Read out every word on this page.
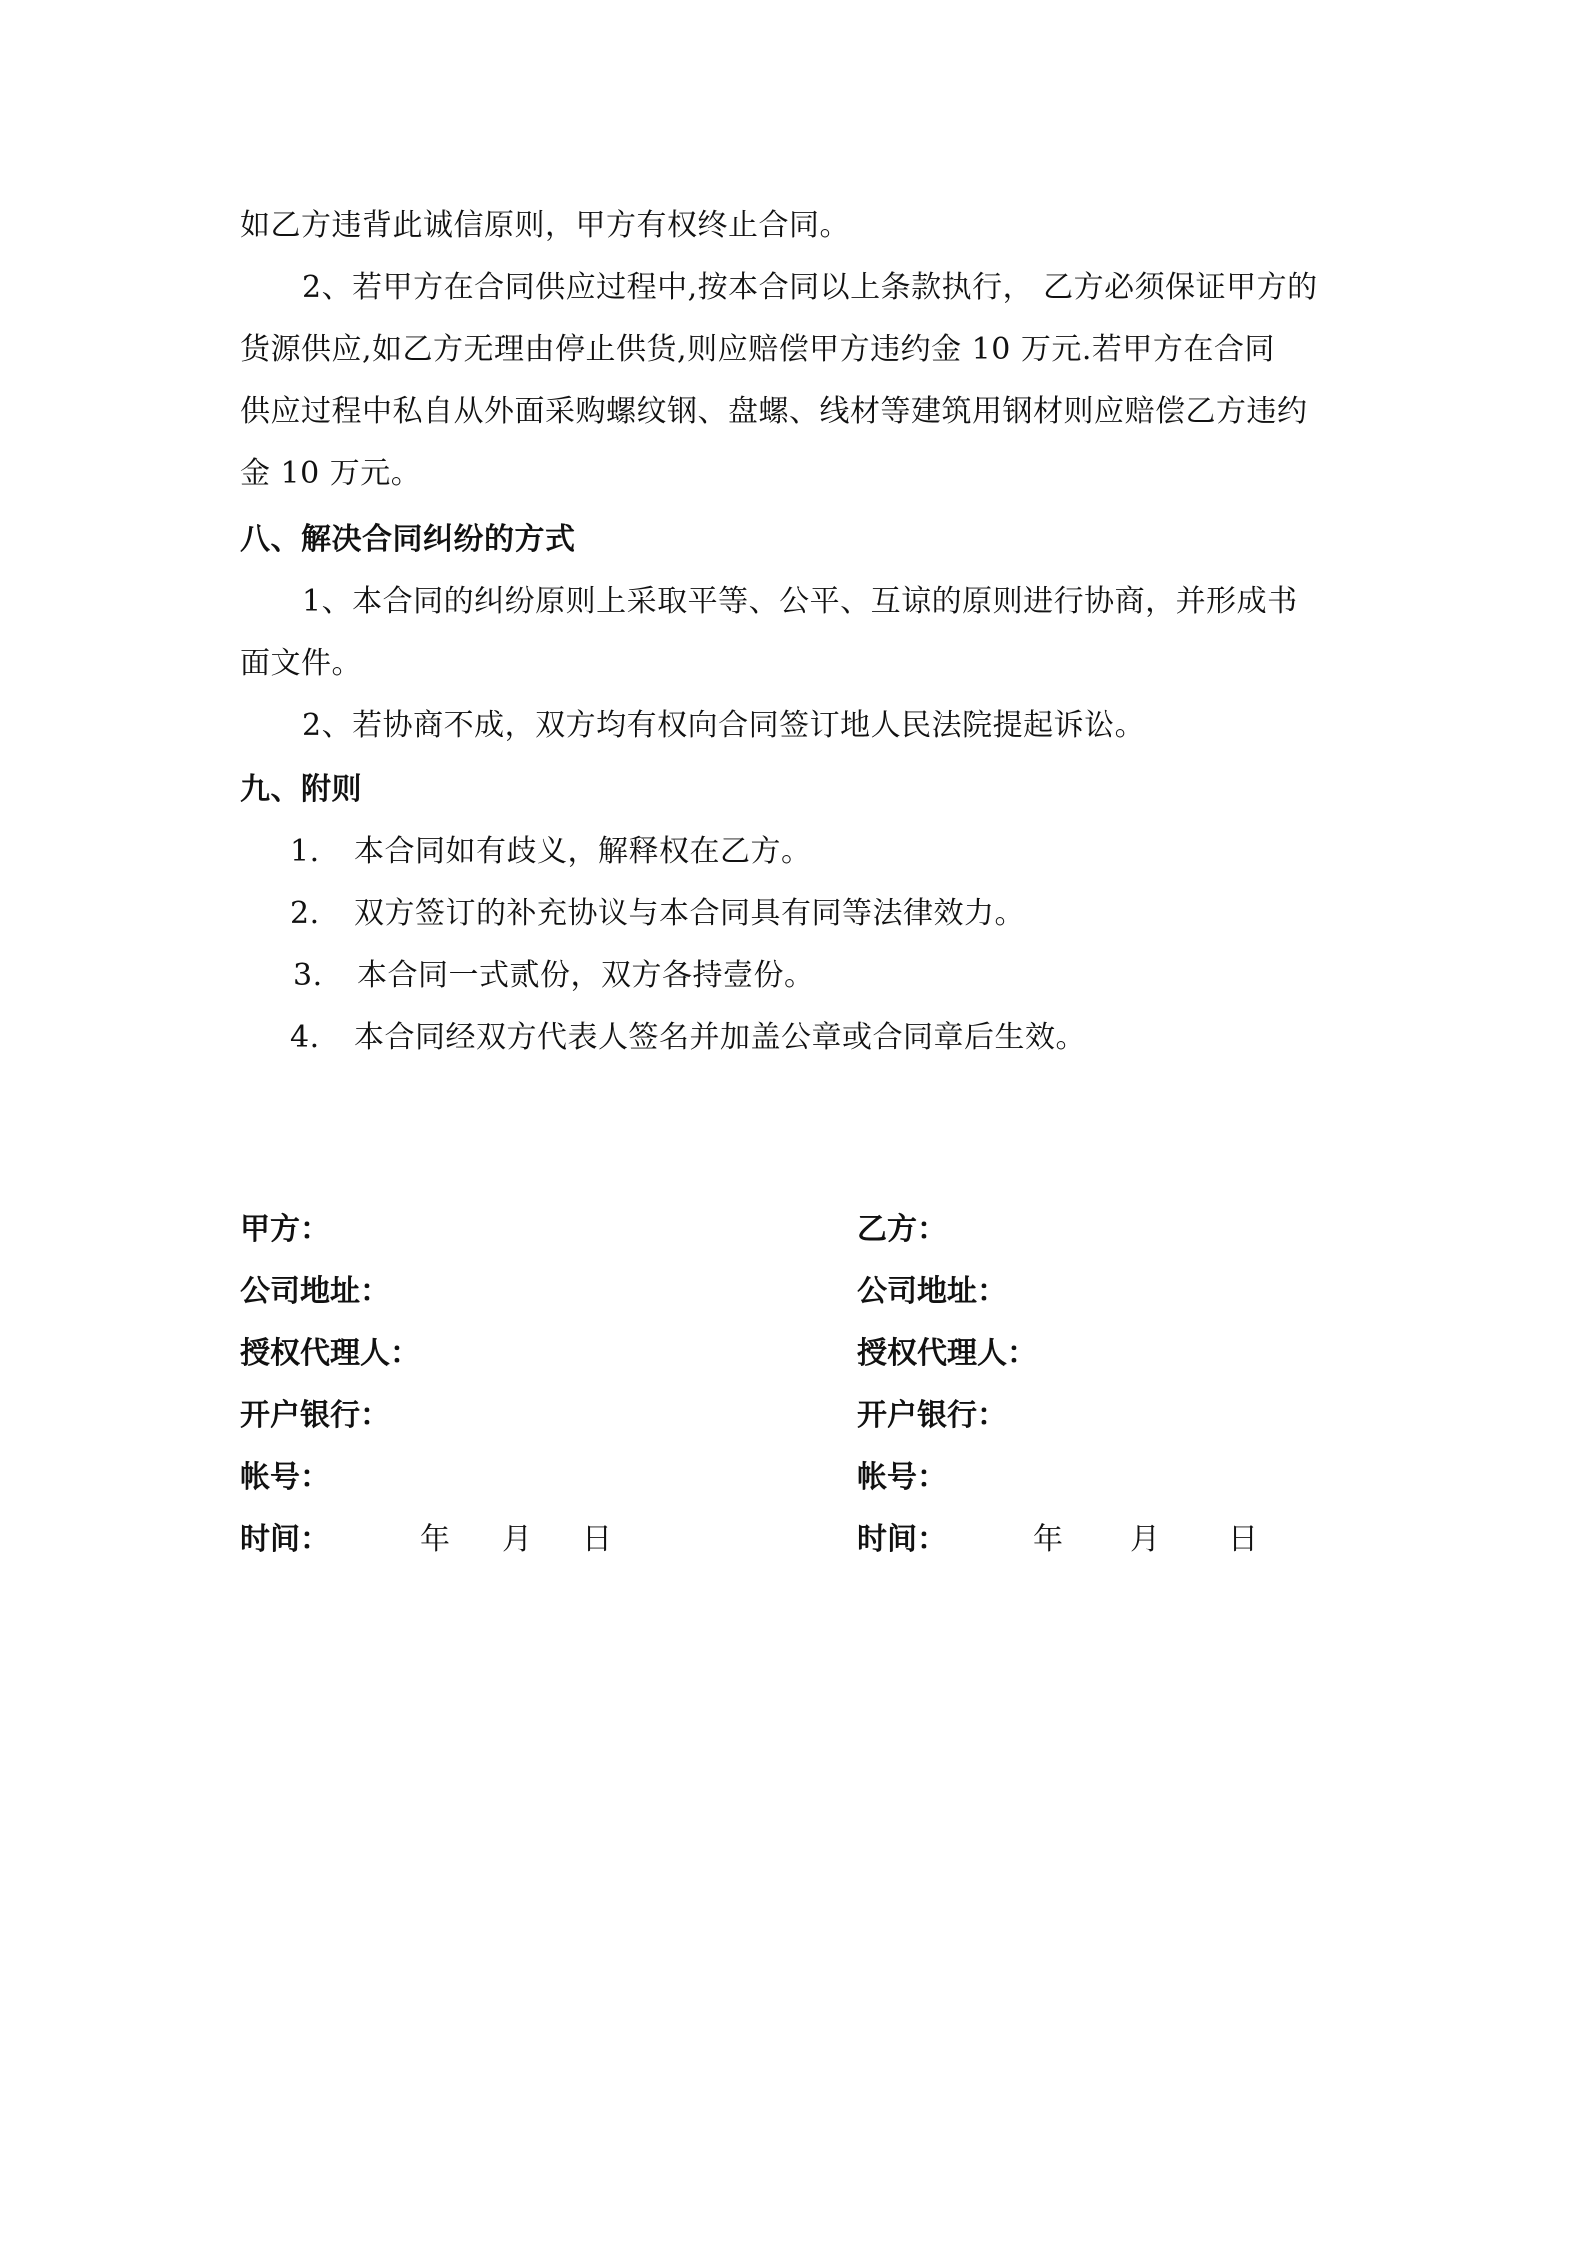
如乙方违背此诚信原则，甲方有权终止合同。
2、若甲方在合同供应过程中,按本合同以上条款执行， 乙方必须保证甲方的
货源供应,如乙方无理由停止供货,则应赔偿甲方违约金 10 万元.若甲方在合同
供应过程中私自从外面采购螺纹钢、盘螺、线材等建筑用钢材则应赔偿乙方违约
金 10 万元。
八、解决合同纠纷的方式
1、本合同的纠纷原则上采取平等、公平、互谅的原则进行协商，并形成书
面文件。
2、若协商不成，双方均有权向合同签订地人民法院提起诉讼。
九、附则
1. 本合同如有歧义，解释权在乙方。
2. 双方签订的补充协议与本合同具有同等法律效力。
3. 本合同一式贰份，双方各持壹份。
4. 本合同经双方代表人签名并加盖公章或合同章后生效。
甲方：
公司地址：
授权代理人：
开户银行：
帐号：
时间：	年 月 日
乙方：
公司地址：
授权代理人：
开户银行：
帐号：
时间：	年 月 日
